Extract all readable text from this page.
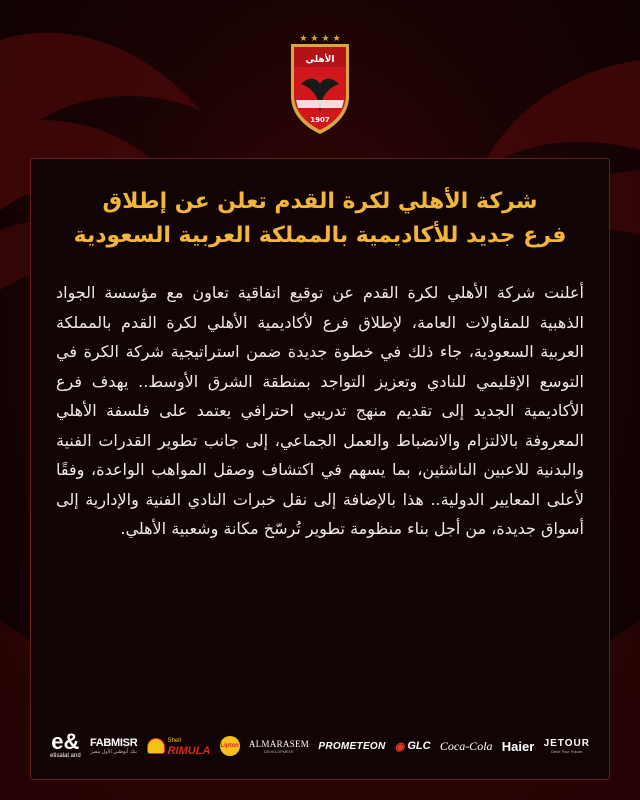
★ ★ ★ ★
الأهلي
1907
شركة الأهلي لكرة القدم تعلن عن إطلاق
فرع جديد للأكاديمية بالمملكة العربية السعودية
أعلنت شركة الأهلي لكرة القدم عن توقيع اتفاقية تعاون مع مؤسسة الجواد الذهبية للمقاولات العامة، لإطلاق فرع لأكاديمية الأهلي لكرة القدم بالمملكة العربية السعودية، جاء ذلك في خطوة جديدة ضمن استراتيجية شركة الكرة في التوسع الإقليمي للنادي وتعزيز التواجد بمنطقة الشرق الأوسط.. يهدف فرع الأكاديمية الجديد إلى تقديم منهج تدريبي احترافي يعتمد على فلسفة الأهلي المعروفة بالالتزام والانضباط والعمل الجماعي، إلى جانب تطوير القدرات الفنية والبدنية للاعبين الناشئين، بما يسهم في اكتشاف وصقل المواهب الواعدة، وفقًا لأعلى المعايير الدولية.. هذا بالإضافة إلى نقل خبرات النادي الفنية والإدارية إلى أسواق جديدة، من أجل بناء منظومة تطوير تُرسّخ مكانة وشعبية الأهلي.
e&
etisalat and
FABMISR
بنك أبوظبي الأول مصر
Shell
RIMULA Lipton ALMARASEM
DEVELOPMENT PROMETEON ◉ GLC Coca-Cola Haier JETOUR
Drive Your Future
